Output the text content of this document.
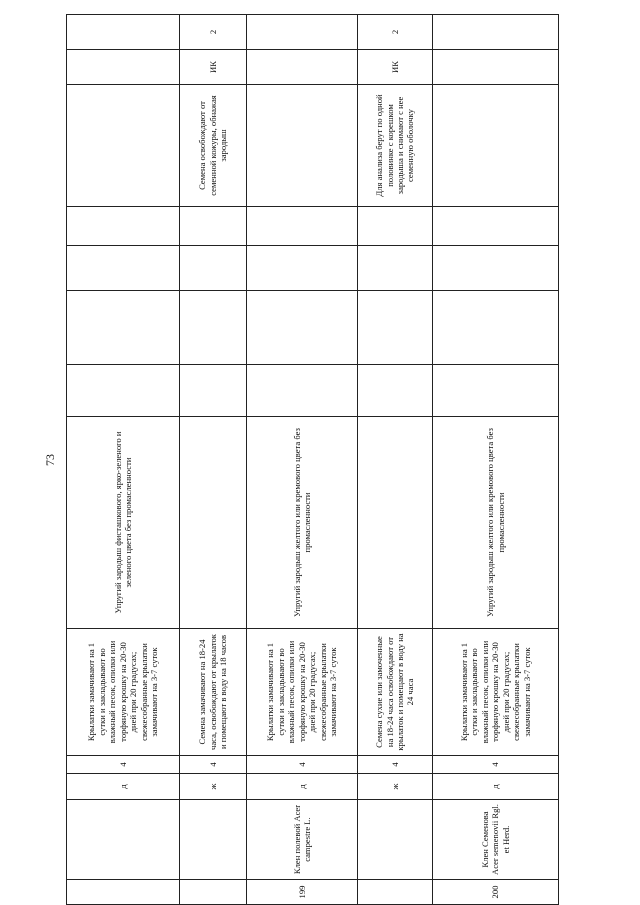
73
		д	4	Крылатки замачивают на 1 сутки и закладывают во влажный песок, опилки или торфяную крошку на 20-30 дней при 20 градусах; свежесобранные крылатки замачивают на 3-7 суток	Упругий зародыш фисташкового, ярко-зеленого и зеленого цвета без промасленности							

		ж	4	Семена замачивают на 18-24 часа, освобождают от крылаток и помещают в воду на 18 часов						Семена освобождают от семенной кожуры, обнажая зародыш	ИК	2
199	Клен полевой Acer campestre L.	д	4	Крылатки замачивают на 1 сутки и закладывают во влажный песок, опилки или торфяную крошку на 20-30 дней при 20 градусах; свежесобранные крылатки замачивают на 3-7 суток	Упругий зародыш желтого или кремового цвета без промасленности							

		ж	4	Семена сухие или замоченные на 18-24 часа освобождают от крылаток и помещают в воду на 24 часа						Для анализа берут по одной половинке с корешком зародыша и снимают с нее семенную оболочку	ИК	2
200	Клен Семенова Acer semenovii Rgl. et Herd.	д	4	Крылатки замачивают на 1 сутки и закладывают во влажный песок, опилки или торфяную крошку на 20-30 дней при 20 градусах; свежесобранные крылатки замачивают на 3-7 суток	Упругий зародыш желтого или кремового цвета без промасленности							
